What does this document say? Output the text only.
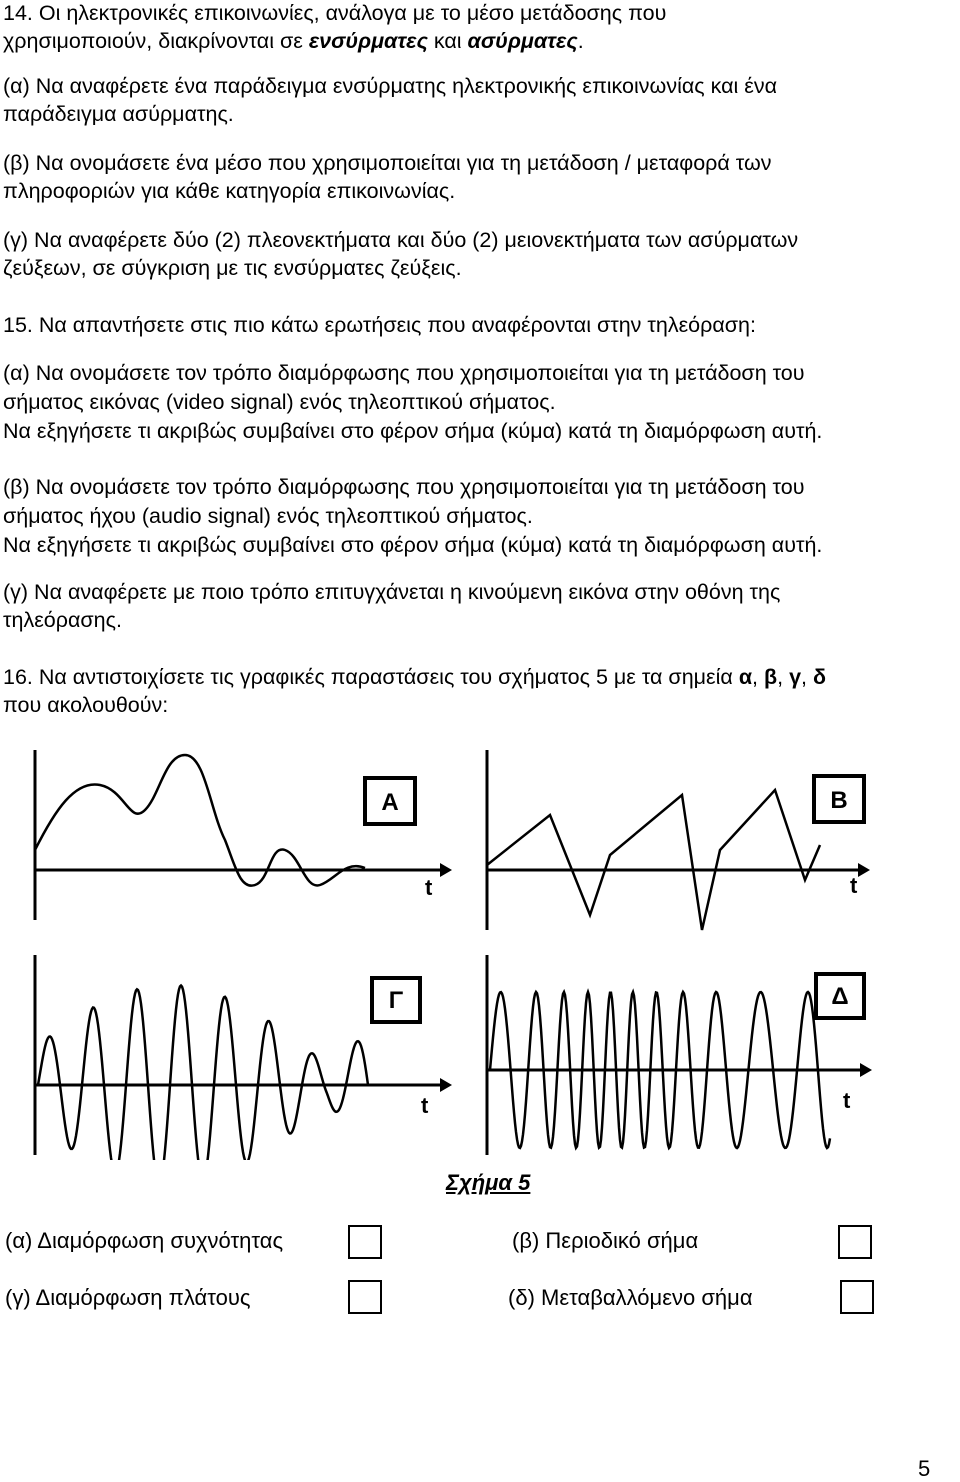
14. Οι ηλεκτρονικές επικοινωνίες, ανάλογα με το μέσο μετάδοσης που
χρησιμοποιούν, διακρίνονται σε ενσύρματες και ασύρματες.
(α) Να αναφέρετε ένα παράδειγμα ενσύρματης ηλεκτρονικής επικοινωνίας και ένα
παράδειγμα ασύρματης.
(β) Να ονομάσετε ένα μέσο που χρησιμοποιείται για τη μετάδοση / μεταφορά των
πληροφοριών για κάθε κατηγορία επικοινωνίας.
(γ) Να αναφέρετε δύο (2) πλεονεκτήματα και δύο (2) μειονεκτήματα των ασύρματων
ζεύξεων, σε σύγκριση με τις ενσύρματες ζεύξεις.
15. Να απαντήσετε στις πιο κάτω ερωτήσεις που αναφέρονται στην τηλεόραση:
(α) Να ονομάσετε τον τρόπο διαμόρφωσης που χρησιμοποιείται για τη μετάδοση του
σήματος εικόνας (video signal) ενός τηλεοπτικού σήματος.
Να εξηγήσετε τι ακριβώς συμβαίνει στο φέρον σήμα (κύμα) κατά τη διαμόρφωση αυτή.
(β) Να ονομάσετε τον τρόπο διαμόρφωσης που χρησιμοποιείται για τη μετάδοση του
σήματος ήχου (audio signal) ενός τηλεοπτικού σήματος.
Να εξηγήσετε τι ακριβώς συμβαίνει στο φέρον σήμα (κύμα) κατά τη διαμόρφωση αυτή.
(γ) Να αναφέρετε με ποιο τρόπο επιτυγχάνεται η κινούμενη εικόνα στην οθόνη της
τηλεόρασης.
16. Να αντιστοιχίσετε τις γραφικές παραστάσεις του σχήματος 5 με τα σημεία α, β, γ, δ
που ακολουθούν:
A
t
B
t
Γ
t
Δ
t
Σχήμα 5
(α) Διαμόρφωση συχνότητας	(β) Περιοδικό σήμα
(γ) Διαμόρφωση πλάτους	(δ) Μεταβαλλόμενο σήμα
5
